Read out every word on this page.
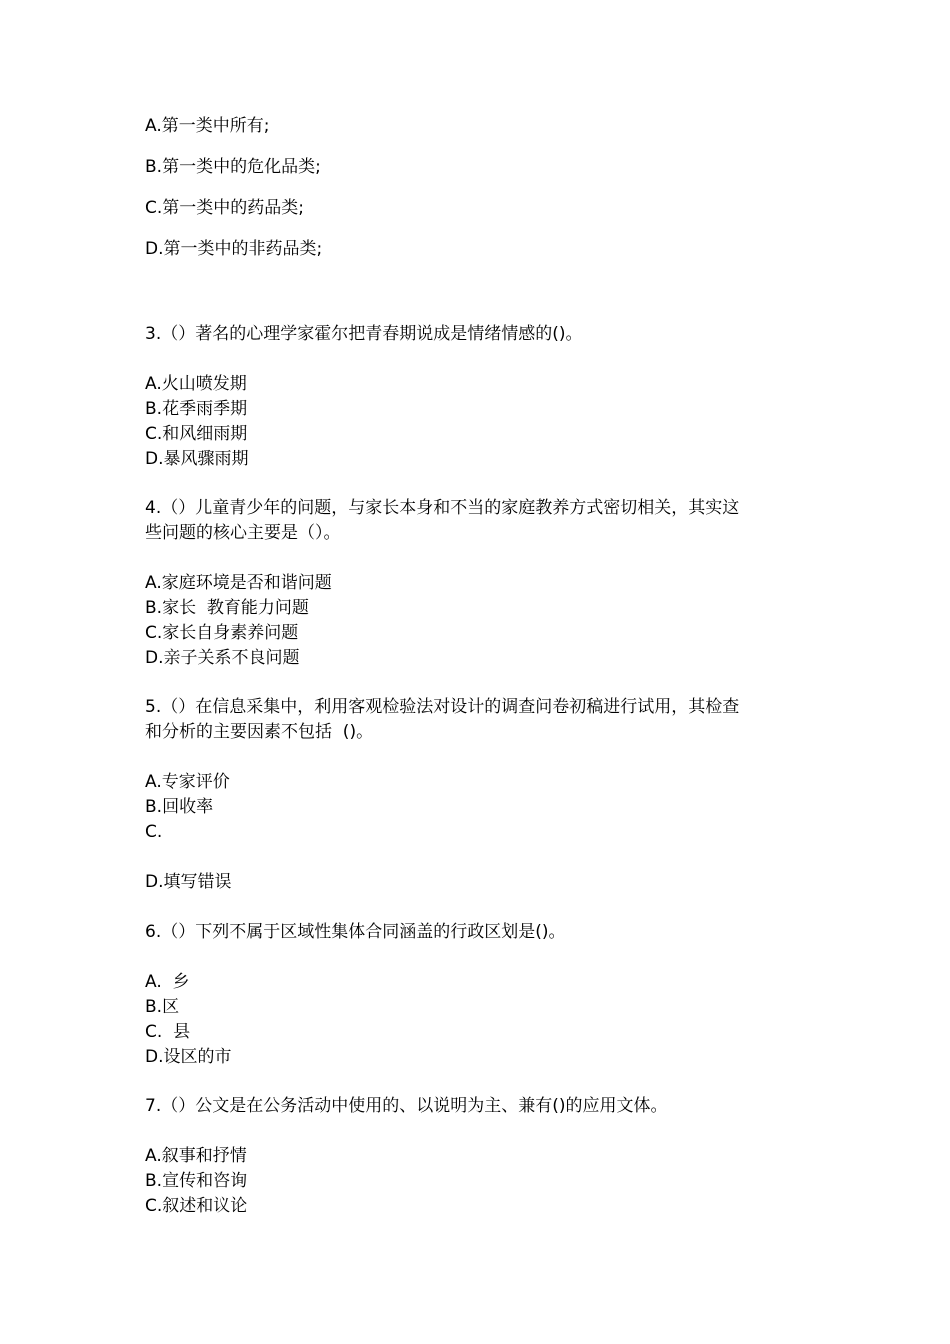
A.第一类中所有;
B.第一类中的危化品类;
C.第一类中的药品类;
D.第一类中的非药品类;
3.（）著名的心理学家霍尔把青春期说成是情绪情感的()。
A.火山喷发期
B.花季雨季期
C.和风细雨期
D.暴风骤雨期
4.（）儿童青少年的问题，与家长本身和不当的家庭教养方式密切相关，其实这
些问题的核心主要是（）。
A.家庭环境是否和谐问题
B.家长  教育能力问题
C.家长自身素养问题
D.亲子关系不良问题
5.（）在信息采集中，利用客观检验法对设计的调查问卷初稿进行试用，其检查
和分析的主要因素不包括  ()。
A.专家评价
B.回收率
C.
D.填写错误
6.（）下列不属于区域性集体合同涵盖的行政区划是()。
A.  乡
B.区
C.  县
D.设区的市
7.（）公文是在公务活动中使用的、以说明为主、兼有()的应用文体。
A.叙事和抒情
B.宣传和咨询
C.叙述和议论
